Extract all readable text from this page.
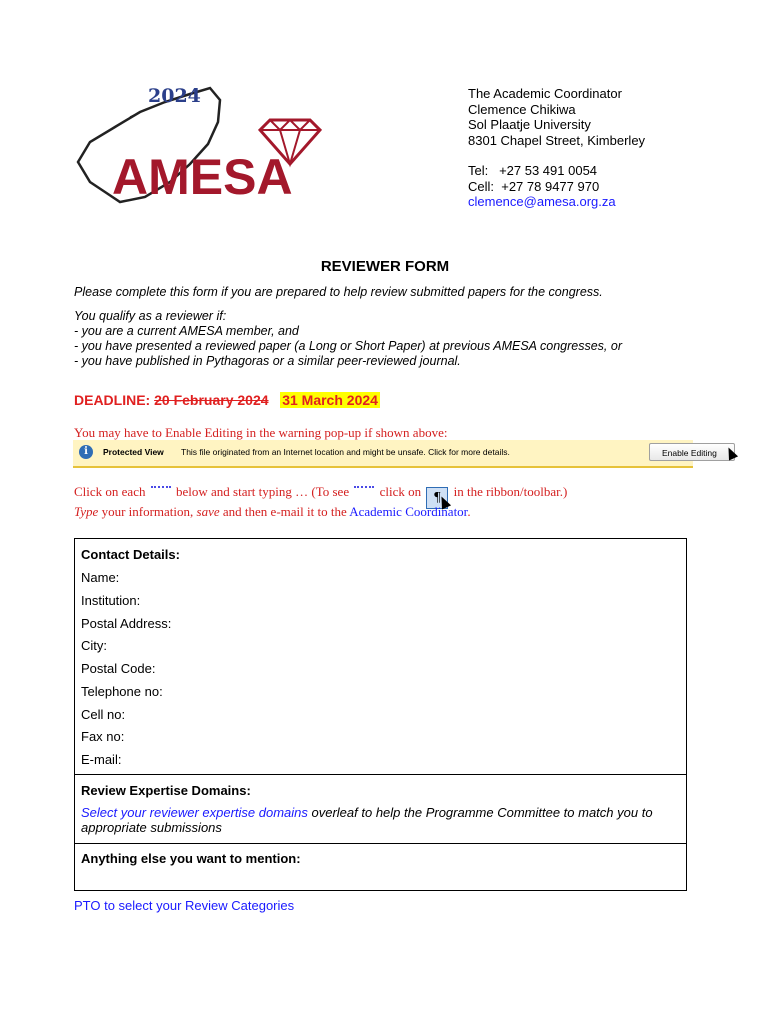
2024
AMESA
The Academic Coordinator
Clemence Chikiwa
Sol Plaatje University
8301 Chapel Street, Kimberley
Tel:   +27 53 491 0054
Cell:  +27 78 9477 970
clemence@amesa.org.za
REVIEWER FORM
Please complete this form if you are prepared to help review submitted papers for the congress.
You qualify as a reviewer if:
- you are a current AMESA member, and
- you have presented a reviewed paper (a Long or Short Paper) at previous AMESA congresses, or
- you have published in Pythagoras or a similar peer-reviewed journal.
DEADLINE: 20 February 2024 31 March 2024
You may have to Enable Editing in the warning pop-up if shown above:
i	Protected View This file originated from an Internet location and might be unsafe. Click for more details.	Enable Editing
Click on each below and start typing … (To see click on ¶ in the ribbon/toolbar.)
Type your information, save and then e-mail it to the Academic Coordinator.
Contact Details:
Name:
Institution:
Postal Address:
City:
Postal Code:
Telephone no:
Cell no:
Fax no:
E-mail:
Review Expertise Domains:
Select your reviewer expertise domains overleaf to help the Programme Committee to match you to appropriate submissions
Anything else you want to mention:
PTO to select your Review Categories
